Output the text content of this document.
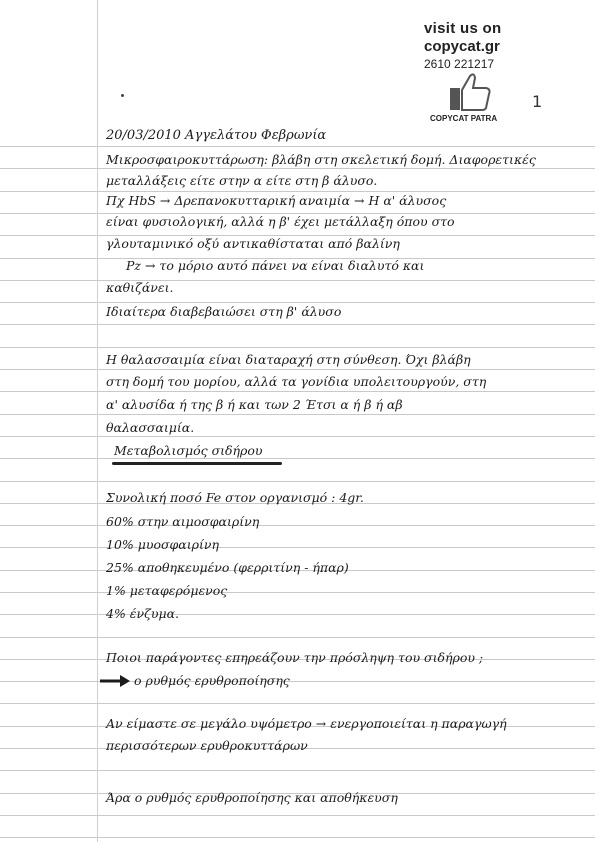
visit us on
copycat.gr
2610 221217
COPYCAT PATRA
1
20/03/2010 Αγγελάτου Φεβρωνία
Μικροσφαιροκυττάρωση: βλάβη στη σκελετική δομή. Διαφορετικές
μεταλλάξεις είτε στην α είτε στη β άλυσο.
Πχ ΗbS → Δρεπανοκυτταρική αναιμία → Η α' άλυσος
είναι φυσιολογική, αλλά η β' έχει μετάλλαξη όπου στο
γλουταμινικό οξύ αντικαθίσταται από βαλίνη
Ρz → το μόριο αυτό πάνει να είναι διαλυτό και
καθιζάνει.
Ιδιαίτερα διαβεβαιώσει στη β' άλυσο
Η θαλασσαιμία είναι διαταραχή στη σύνθεση. Όχι βλάβη
στη δομή του μορίου, αλλά τα γονίδια υπολειτουργούν, στη
α' αλυσίδα ή της β ή και των 2 Έτσι α ή β ή αβ
θαλασσαιμία.
Μεταβολισμός σιδήρου
Συνολική ποσό Fe στον οργανισμό : 4gr.
60% στην αιμοσφαιρίνη
10% μυοσφαιρίνη
25% αποθηκευμένο (φερριτίνη - ήπαρ)
1% μεταφερόμενος
4% ένζυμα.
Ποιοι παράγοντες επηρεάζουν την πρόσληψη του σιδήρου ;
ο ρυθμός ερυθροποίησης
Αν είμαστε σε μεγάλο υψόμετρο → ενεργοποιείται η παραγωγή
περισσότερων ερυθροκυττάρων
Άρα ο ρυθμός ερυθροποίησης και αποθήκευση
